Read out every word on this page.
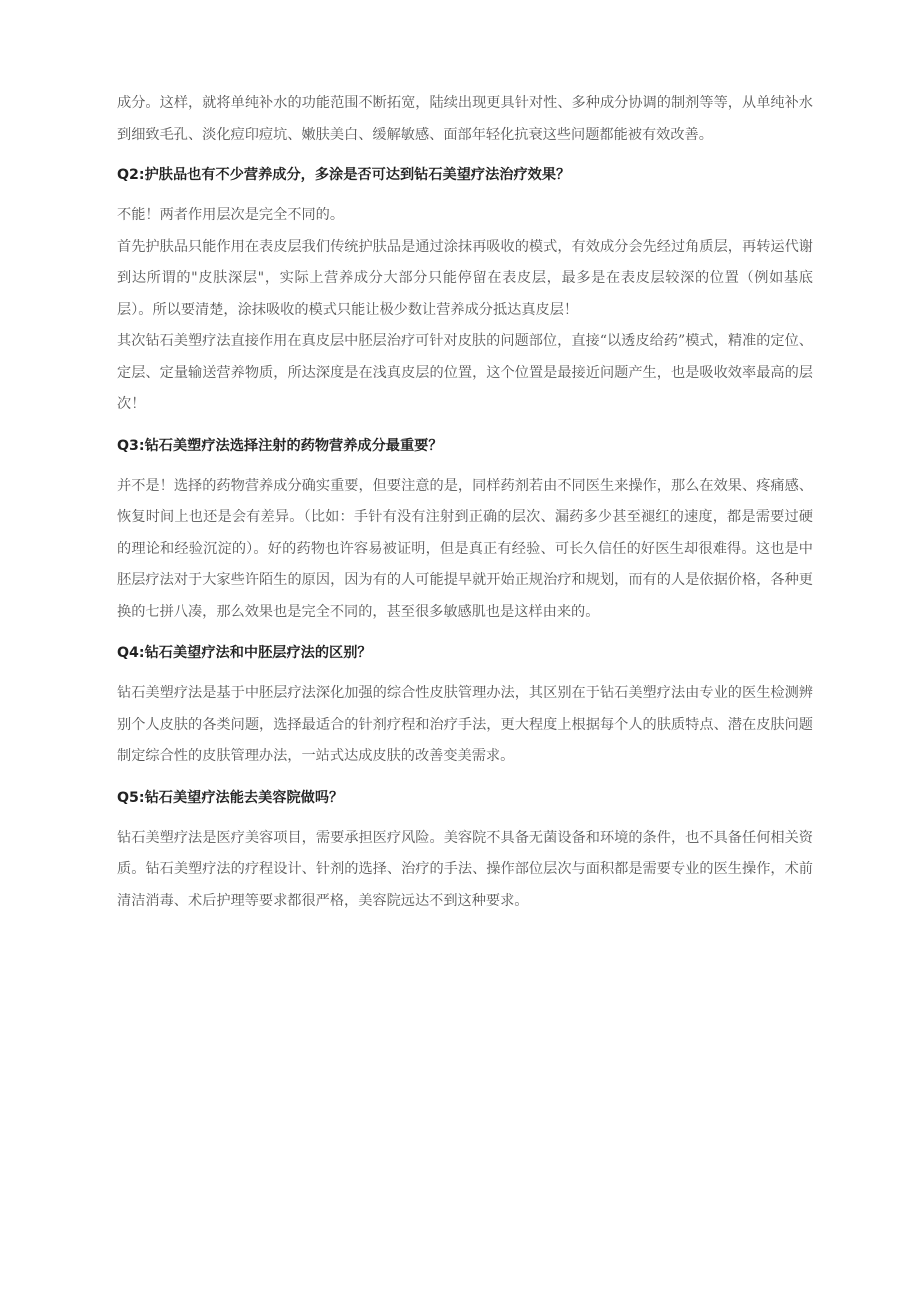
成分。这样，就将单纯补水的功能范围不断拓宽，陆续出现更具针对性、多种成分协调的制剂等等，从单纯补水到细致毛孔、淡化痘印痘坑、嫩肤美白、缓解敏感、面部年轻化抗衰这些问题都能被有效改善。

Q2:护肤品也有不少营养成分，多涂是否可达到钻石美望疗法治疗效果？

不能！两者作用层次是完全不同的。

首先护肤品只能作用在表皮层我们传统护肤品是通过涂抹再吸收的模式，有效成分会先经过角质层，再转运代谢到达所谓的"皮肤深层"，实际上营养成分大部分只能停留在表皮层，最多是在表皮层较深的位置（例如基底层）。所以要清楚，涂抹吸收的模式只能让极少数让营养成分抵达真皮层！

其次钻石美塑疗法直接作用在真皮层中胚层治疗可针对皮肤的问题部位，直接“以透皮给药”模式，精准的定位、定层、定量输送营养物质，所达深度是在浅真皮层的位置，这个位置是最接近问题产生，也是吸收效率最高的层次！

Q3:钻石美塑疗法选择注射的药物营养成分最重要？

并不是！选择的药物营养成分确实重要，但要注意的是，同样药剂若由不同医生来操作，那么在效果、疼痛感、恢复时间上也还是会有差异。（比如：手针有没有注射到正确的层次、漏药多少甚至褪红的速度，都是需要过硬的理论和经验沉淀的）。好的药物也许容易被证明，但是真正有经验、可长久信任的好医生却很难得。这也是中胚层疗法对于大家些许陌生的原因，因为有的人可能提早就开始正规治疗和规划，而有的人是依据价格，各种更换的七拼八凑，那么效果也是完全不同的，甚至很多敏感肌也是这样由来的。

Q4:钻石美望疗法和中胚层疗法的区别？

钻石美塑疗法是基于中胚层疗法深化加强的综合性皮肤管理办法，其区别在于钻石美塑疗法由专业的医生检测辨别个人皮肤的各类问题，选择最适合的针剂疗程和治疗手法，更大程度上根据每个人的肤质特点、潜在皮肤问题制定综合性的皮肤管理办法，一站式达成皮肤的改善变美需求。

Q5:钻石美望疗法能去美容院做吗？

钻石美塑疗法是医疗美容项目，需要承担医疗风险。美容院不具备无菌设备和环境的条件，也不具备任何相关资质。钻石美塑疗法的疗程设计、针剂的选择、治疗的手法、操作部位层次与面积都是需要专业的医生操作，术前清洁消毒、术后护理等要求都很严格，美容院远达不到这种要求。
